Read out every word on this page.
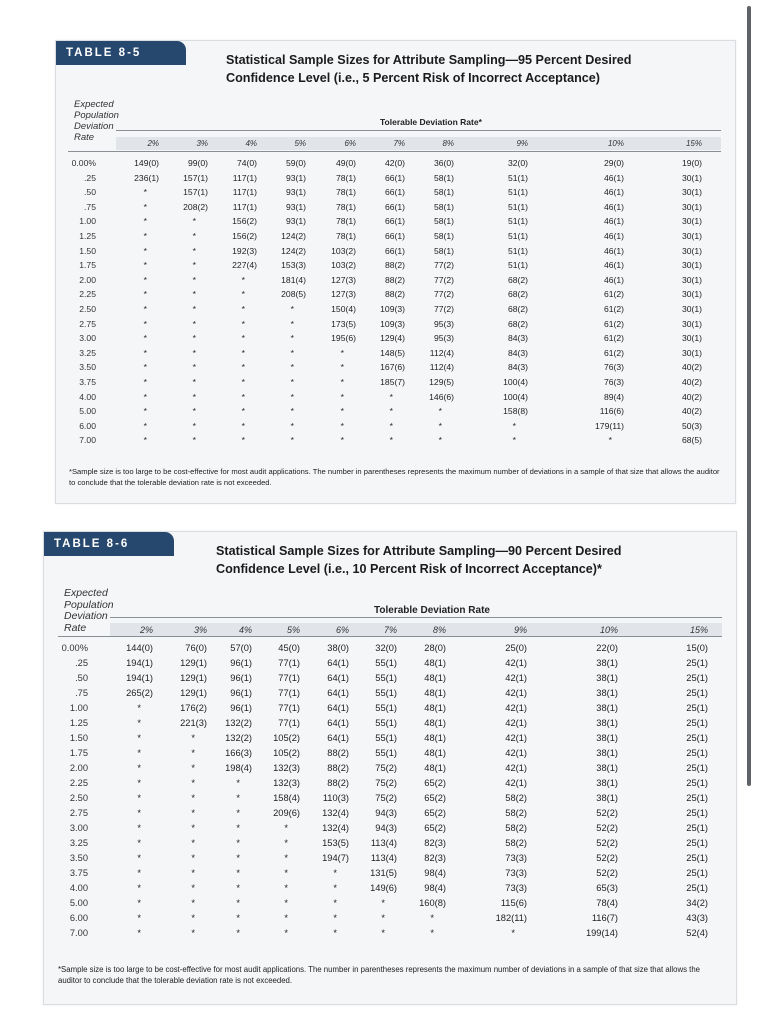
TABLE 8-5	Statistical Sample Sizes for Attribute Sampling—95 Percent Desired
Confidence Level (i.e., 5 Percent Risk of Incorrect Acceptance)
Expected
Population
Deviation
Rate
Tolerable Deviation Rate*
*Sample size is too large to be cost-effective for most audit applications. The number in parentheses represents the maximum number of deviations in a sample of that size that allows the auditor to conclude that the tolerable deviation rate is not exceeded.
2%	3%	4%	5%	6%	7%	8%	9%	10%	15%
0.00%	149(0)	99(0)	74(0)	59(0)	49(0)	42(0)	36(0)	32(0)	29(0)	19(0)
.25	236(1)	157(1)	117(1)	93(1)	78(1)	66(1)	58(1)	51(1)	46(1)	30(1)
.50	*	157(1)	117(1)	93(1)	78(1)	66(1)	58(1)	51(1)	46(1)	30(1)
.75	*	208(2)	117(1)	93(1)	78(1)	66(1)	58(1)	51(1)	46(1)	30(1)
1.00	*	*	156(2)	93(1)	78(1)	66(1)	58(1)	51(1)	46(1)	30(1)
1.25	*	*	156(2)	124(2)	78(1)	66(1)	58(1)	51(1)	46(1)	30(1)
1.50	*	*	192(3)	124(2)	103(2)	66(1)	58(1)	51(1)	46(1)	30(1)
1.75	*	*	227(4)	153(3)	103(2)	88(2)	77(2)	51(1)	46(1)	30(1)
2.00	*	*	*	181(4)	127(3)	88(2)	77(2)	68(2)	46(1)	30(1)
2.25	*	*	*	208(5)	127(3)	88(2)	77(2)	68(2)	61(2)	30(1)
2.50	*	*	*	*	150(4)	109(3)	77(2)	68(2)	61(2)	30(1)
2.75	*	*	*	*	173(5)	109(3)	95(3)	68(2)	61(2)	30(1)
3.00	*	*	*	*	195(6)	129(4)	95(3)	84(3)	61(2)	30(1)
3.25	*	*	*	*	*	148(5)	112(4)	84(3)	61(2)	30(1)
3.50	*	*	*	*	*	167(6)	112(4)	84(3)	76(3)	40(2)
3.75	*	*	*	*	*	185(7)	129(5)	100(4)	76(3)	40(2)
4.00	*	*	*	*	*	*	146(6)	100(4)	89(4)	40(2)
5.00	*	*	*	*	*	*	*	158(8)	116(6)	40(2)
6.00	*	*	*	*	*	*	*	*	179(11)	50(3)
7.00	*	*	*	*	*	*	*	*	*	68(5)
TABLE 8-6	Statistical Sample Sizes for Attribute Sampling—90 Percent Desired
Confidence Level (i.e., 10 Percent Risk of Incorrect Acceptance)*
Expected
Population
Deviation
Rate
Tolerable Deviation Rate
*Sample size is too large to be cost-effective for most audit applications. The number in parentheses represents the maximum number of deviations in a sample of that size that allows the auditor to conclude that the tolerable deviation rate is not exceeded.
2%	3%	4%	5%	6%	7%	8%	9%	10%	15%
0.00%	144(0)	76(0)	57(0)	45(0)	38(0)	32(0)	28(0)	25(0)	22(0)	15(0)
.25	194(1)	129(1)	96(1)	77(1)	64(1)	55(1)	48(1)	42(1)	38(1)	25(1)
.50	194(1)	129(1)	96(1)	77(1)	64(1)	55(1)	48(1)	42(1)	38(1)	25(1)
.75	265(2)	129(1)	96(1)	77(1)	64(1)	55(1)	48(1)	42(1)	38(1)	25(1)
1.00	*	176(2)	96(1)	77(1)	64(1)	55(1)	48(1)	42(1)	38(1)	25(1)
1.25	*	221(3)	132(2)	77(1)	64(1)	55(1)	48(1)	42(1)	38(1)	25(1)
1.50	*	*	132(2)	105(2)	64(1)	55(1)	48(1)	42(1)	38(1)	25(1)
1.75	*	*	166(3)	105(2)	88(2)	55(1)	48(1)	42(1)	38(1)	25(1)
2.00	*	*	198(4)	132(3)	88(2)	75(2)	48(1)	42(1)	38(1)	25(1)
2.25	*	*	*	132(3)	88(2)	75(2)	65(2)	42(1)	38(1)	25(1)
2.50	*	*	*	158(4)	110(3)	75(2)	65(2)	58(2)	38(1)	25(1)
2.75	*	*	*	209(6)	132(4)	94(3)	65(2)	58(2)	52(2)	25(1)
3.00	*	*	*	*	132(4)	94(3)	65(2)	58(2)	52(2)	25(1)
3.25	*	*	*	*	153(5)	113(4)	82(3)	58(2)	52(2)	25(1)
3.50	*	*	*	*	194(7)	113(4)	82(3)	73(3)	52(2)	25(1)
3.75	*	*	*	*	*	131(5)	98(4)	73(3)	52(2)	25(1)
4.00	*	*	*	*	*	149(6)	98(4)	73(3)	65(3)	25(1)
5.00	*	*	*	*	*	*	160(8)	115(6)	78(4)	34(2)
6.00	*	*	*	*	*	*	*	182(11)	116(7)	43(3)
7.00	*	*	*	*	*	*	*	*	199(14)	52(4)
